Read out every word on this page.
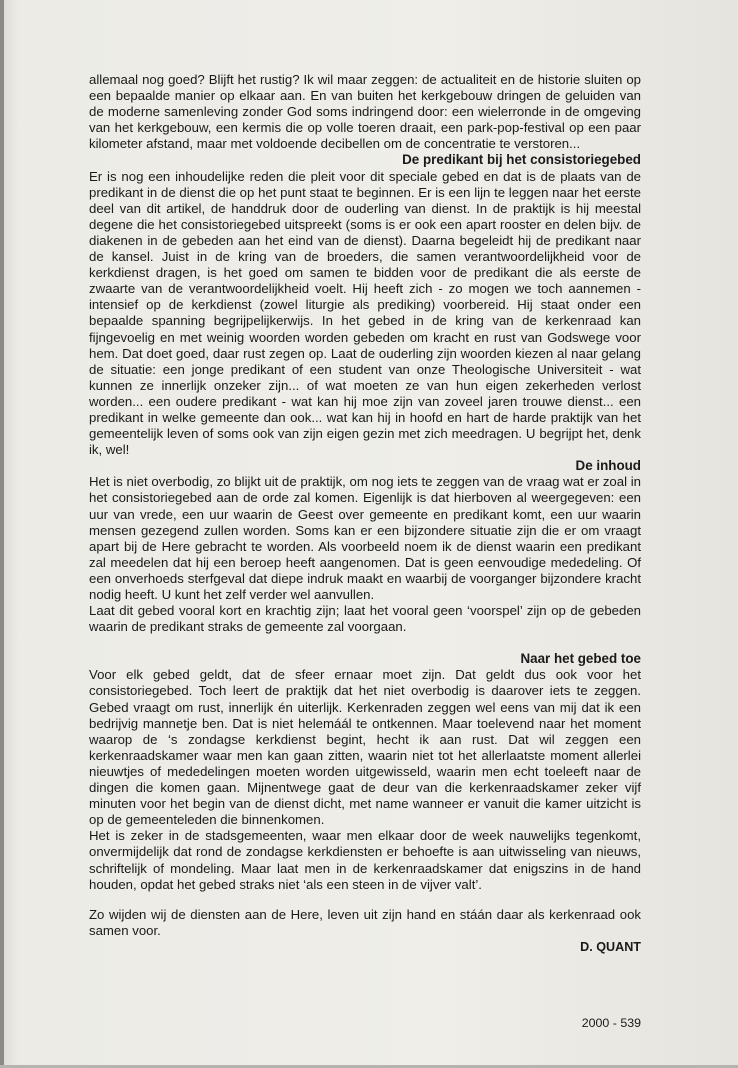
allemaal nog goed? Blijft het rustig? Ik wil maar zeggen: de actualiteit en de historie sluiten op een bepaalde manier op elkaar aan. En van buiten het kerkgebouw dringen de geluiden van de moderne samenleving zonder God soms indringend door: een wielerronde in de omgeving van het kerkgebouw, een kermis die op volle toeren draait, een park-pop-festival op een paar kilometer afstand, maar met voldoende decibellen om de concentratie te verstoren...

De predikant bij het consistoriegebed

Er is nog een inhoudelijke reden die pleit voor dit speciale gebed en dat is de plaats van de predikant in de dienst die op het punt staat te beginnen. Er is een lijn te leggen naar het eerste deel van dit artikel, de handdruk door de ouderling van dienst. In de praktijk is hij meestal degene die het consistoriegebed uitspreekt (soms is er ook een apart rooster en delen bijv. de diakenen in de gebeden aan het eind van de dienst). Daarna begeleidt hij de predikant naar de kansel. Juist in de kring van de broeders, die samen verantwoordelijkheid voor de kerkdienst dragen, is het goed om samen te bidden voor de predikant die als eerste de zwaarte van de verantwoordelijkheid voelt. Hij heeft zich - zo mogen we toch aannemen - intensief op de kerkdienst (zowel liturgie als prediking) voorbereid. Hij staat onder een bepaalde spanning begrijpelijkerwijs. In het gebed in de kring van de kerkenraad kan fijngevoelig en met weinig woorden worden gebeden om kracht en rust van Godswege voor hem. Dat doet goed, daar rust zegen op. Laat de ouderling zijn woorden kiezen al naar gelang de situatie: een jonge predikant of een student van onze Theologische Universiteit - wat kunnen ze innerlijk onzeker zijn... of wat moeten ze van hun eigen zekerheden verlost worden... een oudere predikant - wat kan hij moe zijn van zoveel jaren trouwe dienst... een predikant in welke gemeente dan ook... wat kan hij in hoofd en hart de harde praktijk van het gemeentelijk leven of soms ook van zijn eigen gezin met zich meedragen. U begrijpt het, denk ik, wel!

De inhoud

Het is niet overbodig, zo blijkt uit de praktijk, om nog iets te zeggen van de vraag wat er zoal in het consistoriegebed aan de orde zal komen. Eigenlijk is dat hierboven al weergegeven: een uur van vrede, een uur waarin de Geest over gemeente en predikant komt, een uur waarin mensen gezegend zullen worden. Soms kan er een bijzondere situatie zijn die er om vraagt apart bij de Here gebracht te worden. Als voorbeeld noem ik de dienst waarin een predikant zal meedelen dat hij een beroep heeft aangenomen. Dat is geen eenvoudige mededeling. Of een onverhoeds sterfgeval dat diepe indruk maakt en waarbij de voorganger bijzondere kracht nodig heeft. U kunt het zelf verder wel aanvullen.

Laat dit gebed vooral kort en krachtig zijn; laat het vooral geen ‘voorspel’ zijn op de gebeden waarin de predikant straks de gemeente zal voorgaan.

Naar het gebed toe

Voor elk gebed geldt, dat de sfeer ernaar moet zijn. Dat geldt dus ook voor het consistoriegebed. Toch leert de praktijk dat het niet overbodig is daarover iets te zeggen. Gebed vraagt om rust, innerlijk én uiterlijk. Kerkenraden zeggen wel eens van mij dat ik een bedrijvig mannetje ben. Dat is niet helemáál te ontkennen. Maar toelevend naar het moment waarop de ‘s zondagse kerkdienst begint, hecht ik aan rust. Dat wil zeggen een kerkenraadskamer waar men kan gaan zitten, waarin niet tot het allerlaatste moment allerlei nieuwtjes of mededelingen moeten worden uitgewisseld, waarin men echt toeleeft naar de dingen die komen gaan. Mijnentwege gaat de deur van die kerkenraadskamer zeker vijf minuten voor het begin van de dienst dicht, met name wanneer er vanuit die kamer uitzicht is op de gemeenteleden die binnenkomen.

Het is zeker in de stadsgemeenten, waar men elkaar door de week nauwelijks tegenkomt, onvermijdelijk dat rond de zondagse kerkdiensten er behoefte is aan uitwisseling van nieuws, schriftelijk of mondeling. Maar laat men in de kerkenraadskamer dat enigszins in de hand houden, opdat het gebed straks niet ‘als een steen in de vijver valt’.

Zo wijden wij de diensten aan de Here, leven uit zijn hand en stáán daar als kerkenraad ook samen voor.

D. QUANT

2000 - 539
